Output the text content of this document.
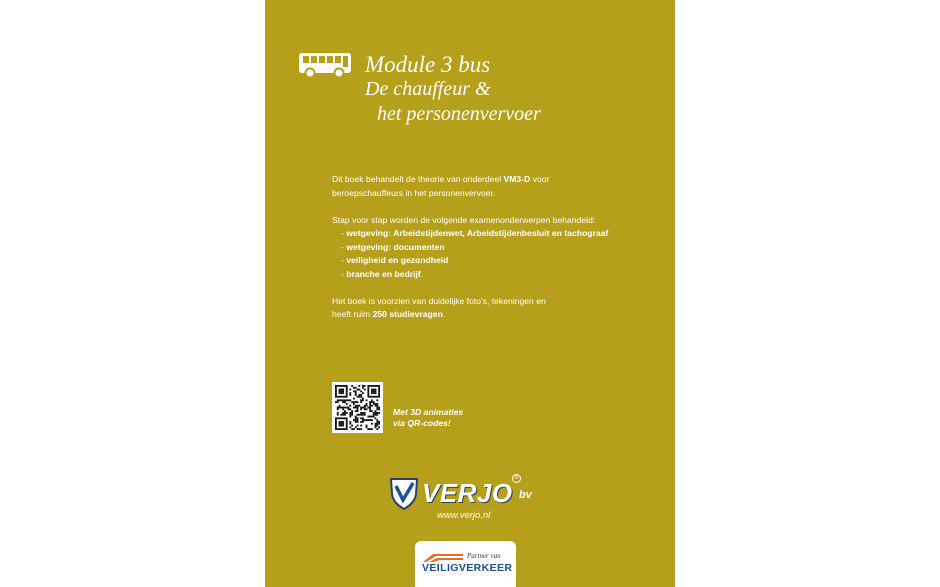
Module 3 bus
De chauffeur &
het personenvervoer

Dit boek behandelt de theorie van onderdeel VM3-D voor
beroepschauffeurs in het personenvervoer.

Stap voor stap worden de volgende examenonderwerpen behandeld:

- wetgeving: Arbeidstijdenwet, Arbeidstijdenbesluit en tachograaf
- wetgeving: documenten
- veiligheid en gezondheid
- branche en bedrijf.

Het boek is voorzien van duidelijke foto's, tekeningen en
heeft ruim 250 studievragen.

Met 3D animaties
via QR-codes!
VERJO ®
bv
www.verjo.nl
Partner van
VEILIGVERKEER
